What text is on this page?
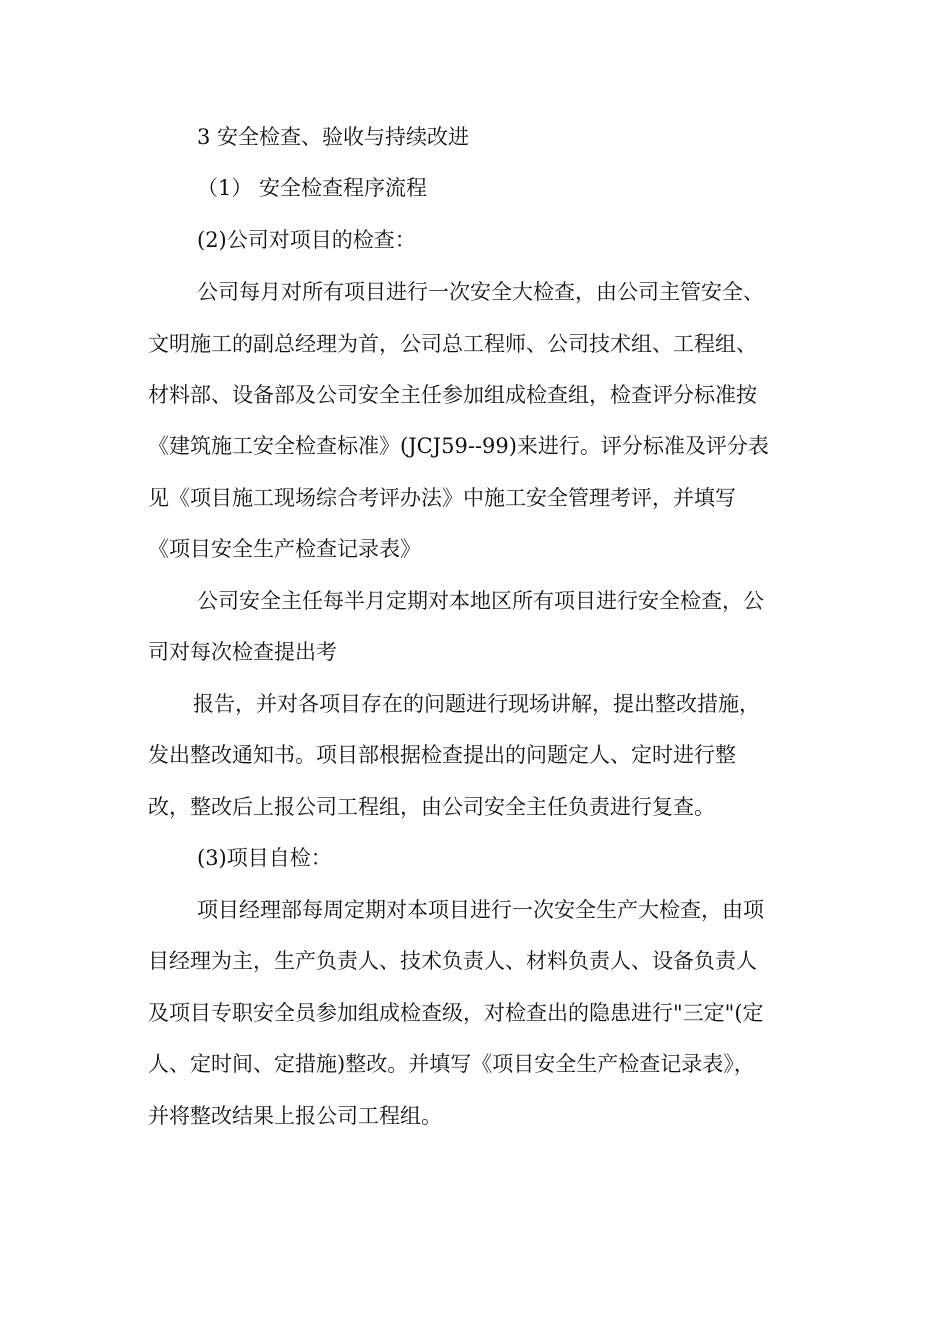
3 安全检查、验收与持续改进
（1） 安全检查程序流程
(2)公司对项目的检查：
公司每月对所有项目进行一次安全大检查，由公司主管安全、
文明施工的副总经理为首，公司总工程师、公司技术组、工程组、
材料部、设备部及公司安全主任参加组成检查组，检查评分标准按
《建筑施工安全检查标准》(JCJ59--99)来进行。评分标准及评分表
见《项目施工现场综合考评办法》中施工安全管理考评，并填写
《项目安全生产检查记录表》
公司安全主任每半月定期对本地区所有项目进行安全检查，公
司对每次检查提出考
报告，并对各项目存在的问题进行现场讲解，提出整改措施，
发出整改通知书。项目部根据检查提出的问题定人、定时进行整
改，整改后上报公司工程组，由公司安全主任负责进行复查。
(3)项目自检：
项目经理部每周定期对本项目进行一次安全生产大检查，由项
目经理为主，生产负责人、技术负责人、材料负责人、设备负责人
及项目专职安全员参加组成检查级，对检查出的隐患进行"三定"(定
人、定时间、定措施)整改。并填写《项目安全生产检查记录表》，
并将整改结果上报公司工程组。
